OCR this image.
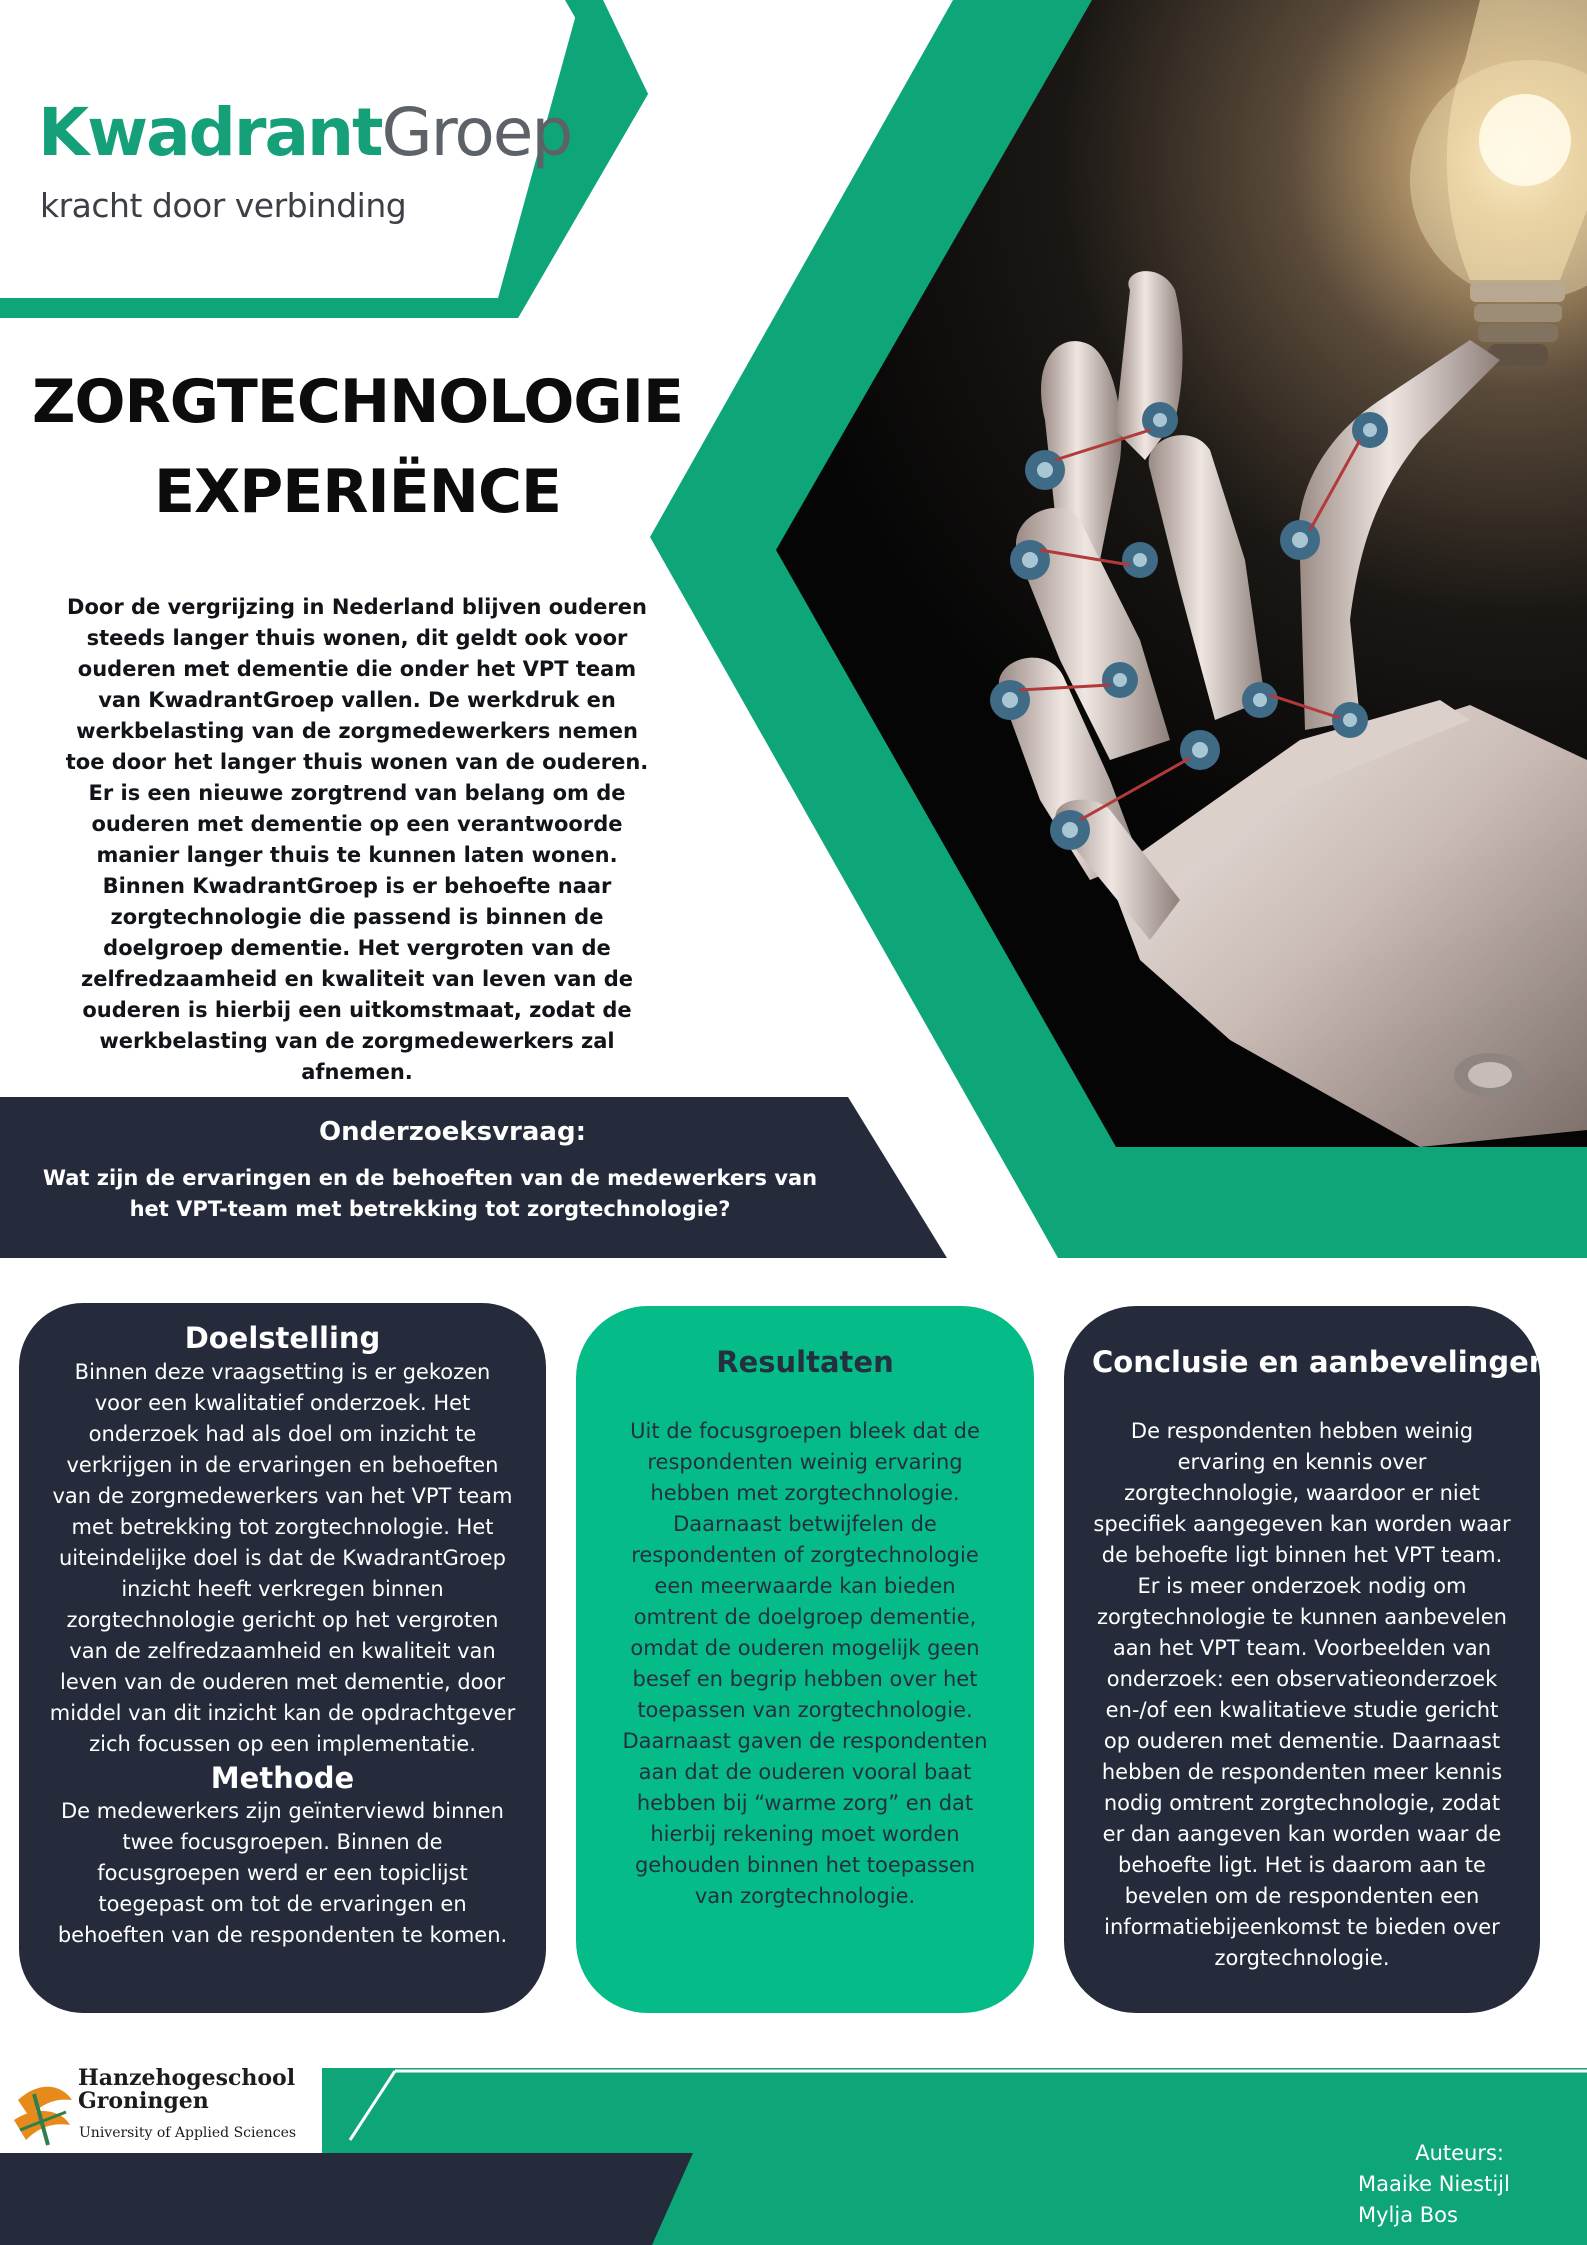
KwadrantGroep
kracht door verbinding
ZORGTECHNOLOGIE
EXPERIËNCE
Door de vergrijzing in Nederland blijven ouderen steeds langer thuis wonen, dit geldt ook voor ouderen met dementie die onder het VPT team van KwadrantGroep vallen. De werkdruk en werkbelasting van de zorgmedewerkers nemen toe door het langer thuis wonen van de ouderen. Er is een nieuwe zorgtrend van belang om de ouderen met dementie op een verantwoorde manier langer thuis te kunnen laten wonen. Binnen KwadrantGroep is er behoefte naar zorgtechnologie die passend is binnen de doelgroep dementie. Het vergroten van de zelfredzaamheid en kwaliteit van leven van de ouderen is hierbij een uitkomstmaat, zodat de werkbelasting van de zorgmedewerkers zal afnemen.
Onderzoeksvraag:
Wat zijn de ervaringen en de behoeften van de medewerkers van het VPT-team met betrekking tot zorgtechnologie?
Doelstelling

Binnen deze vraagsetting is er gekozen voor een kwalitatief onderzoek. Het onderzoek had als doel om inzicht te verkrijgen in de ervaringen en behoeften van de zorgmedewerkers van het VPT team met betrekking tot zorgtechnologie. Het uiteindelijke doel is dat de KwadrantGroep inzicht heeft verkregen binnen zorgtechnologie gericht op het vergroten van de zelfredzaamheid en kwaliteit van leven van de ouderen met dementie, door middel van dit inzicht kan de opdrachtgever zich focussen op een implementatie.

Methode

De medewerkers zijn geïnterviewd binnen twee focusgroepen. Binnen de focusgroepen werd er een topiclijst toegepast om tot de ervaringen en behoeften van de respondenten te komen.

Resultaten

Uit de focusgroepen bleek dat de respondenten weinig ervaring hebben met zorgtechnologie. Daarnaast betwijfelen de respondenten of zorgtechnologie een meerwaarde kan bieden omtrent de doelgroep dementie, omdat de ouderen mogelijk geen besef en begrip hebben over het toepassen van zorgtechnologie. Daarnaast gaven de respondenten aan dat de ouderen vooral baat hebben bij “warme zorg” en dat hierbij rekening moet worden gehouden binnen het toepassen van zorgtechnologie.

Conclusie en aanbevelingen:

De respondenten hebben weinig ervaring en kennis over zorgtechnologie, waardoor er niet specifiek aangegeven kan worden waar de behoefte ligt binnen het VPT team. Er is meer onderzoek nodig om zorgtechnologie te kunnen aanbevelen aan het VPT team. Voorbeelden van onderzoek: een observatieonderzoek en-/of een kwalitatieve studie gericht op ouderen met dementie. Daarnaast hebben de respondenten meer kennis nodig omtrent zorgtechnologie, zodat er dan aangeven kan worden waar de behoefte ligt. Het is daarom aan te bevelen om de respondenten een informatiebijeenkomst te bieden over zorgtechnologie.

Hanzehogeschool
Groningen
University of Applied Sciences
Auteurs:
Maaike Niestijl
Mylja Bos
